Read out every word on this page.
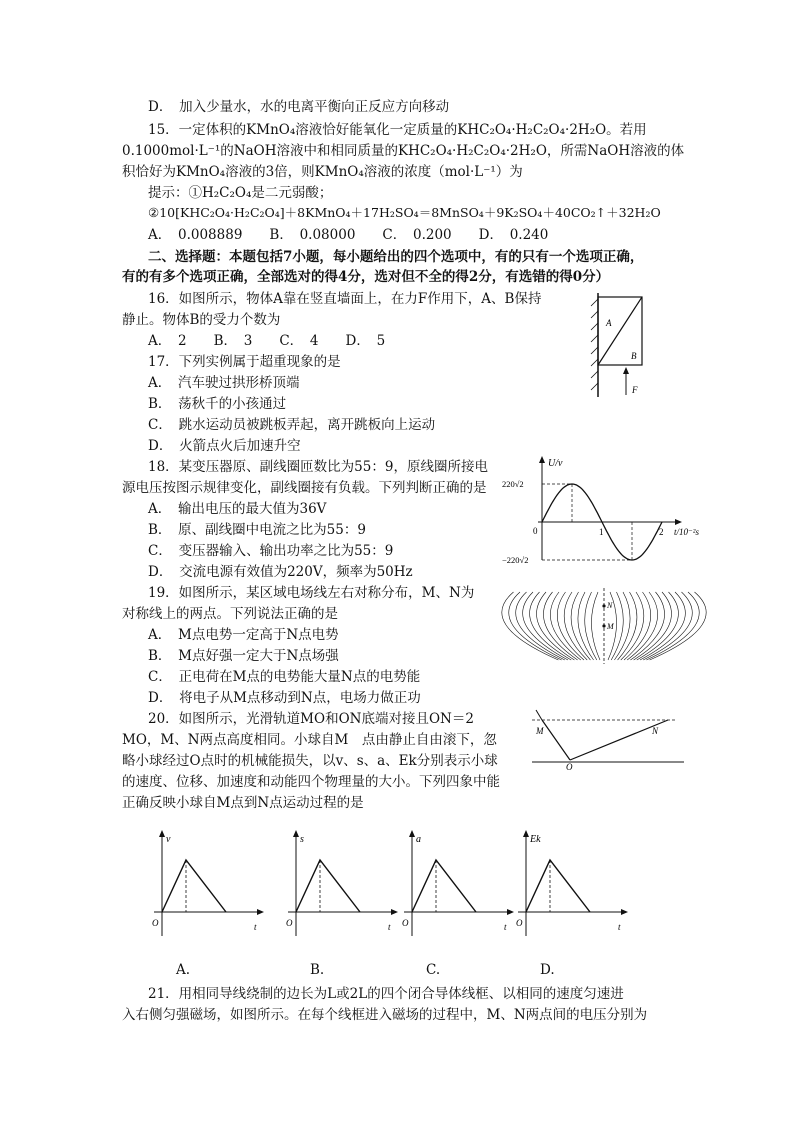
D．　加入少量水，水的电离平衡向正反应方向移动
15．一定体积的KMnO₄溶液恰好能氧化一定质量的KHC₂O₄·H₂C₂O₄·2H₂O。若用
0.1000mol·L⁻¹的NaOH溶液中和相同质量的KHC₂O₄·H₂C₂O₄·2H₂O，所需NaOH溶液的体
积恰好为KMnO₄溶液的3倍，则KMnO₄溶液的浓度（mol·L⁻¹）为
提示：①H₂C₂O₄是二元弱酸；
②10[KHC₂O₄·H₂C₂O₄]＋8KMnO₄＋17H₂SO₄＝8MnSO₄＋9K₂SO₄＋40CO₂↑＋32H₂O
A．　0.008889　　B．　0.08000　　C．　0.200　　D．　0.240
二、选择题：本题包括7小题，每小题给出的四个选项中，有的只有一个选项正确，
有的有多个选项正确，全部选对的得4分，选对但不全的得2分，有选错的得0分）
16．如图所示，物体A靠在竖直墙面上，在力F作用下，A、B保持
静止。物体B的受力个数为
A．　2　　B．　3　　C．　4　　D．　5
A
B
F
17．下列实例属于超重现象的是
A．　汽车驶过拱形桥顶端
B．　荡秋千的小孩通过
C．　跳水运动员被跳板弄起，离开跳板向上运动
D．　火箭点火后加速升空
18．某变压器原、副线圈匝数比为55：9，原线圈所接电
源电压按图示规律变化，副线圈接有负载。下列判断正确的是
A．　输出电压的最大值为36V
B．　原、副线圈中电流之比为55：9
C．　变压器输入、输出功率之比为55：9
D．　交流电源有效值为220V，频率为50Hz
U/v
t/10⁻²s
0
220√2
−220√2
1	2
19．如图所示，某区域电场线左右对称分布，M、N为
对称线上的两点。下列说法正确的是
A．　M点电势一定高于N点电势
B．　M点好强一定大于N点场强
C．　正电荷在M点的电势能大量N点的电势能
D．　将电子从M点移动到N点，电场力做正功
N
M
20．如图所示，光滑轨道MO和ON底端对接且ON＝2
MO，M、N两点高度相同。小球自M　点由静止自由滚下，忽
略小球经过O点时的机械能损失，以v、s、a、Ek分别表示小球
的速度、位移、加速度和动能四个物理量的大小。下列四象中能
正确反映小球自M点到N点运动过程的是
M	N
O
v
O	t
A.
s
O	t
B.
a
O	t
C.
Ek
O	t
D.
21．用相同导线绕制的边长为L或2L的四个闭合导体线框、以相同的速度匀速进
入右侧匀强磁场，如图所示。在每个线框进入磁场的过程中，M、N两点间的电压分别为
